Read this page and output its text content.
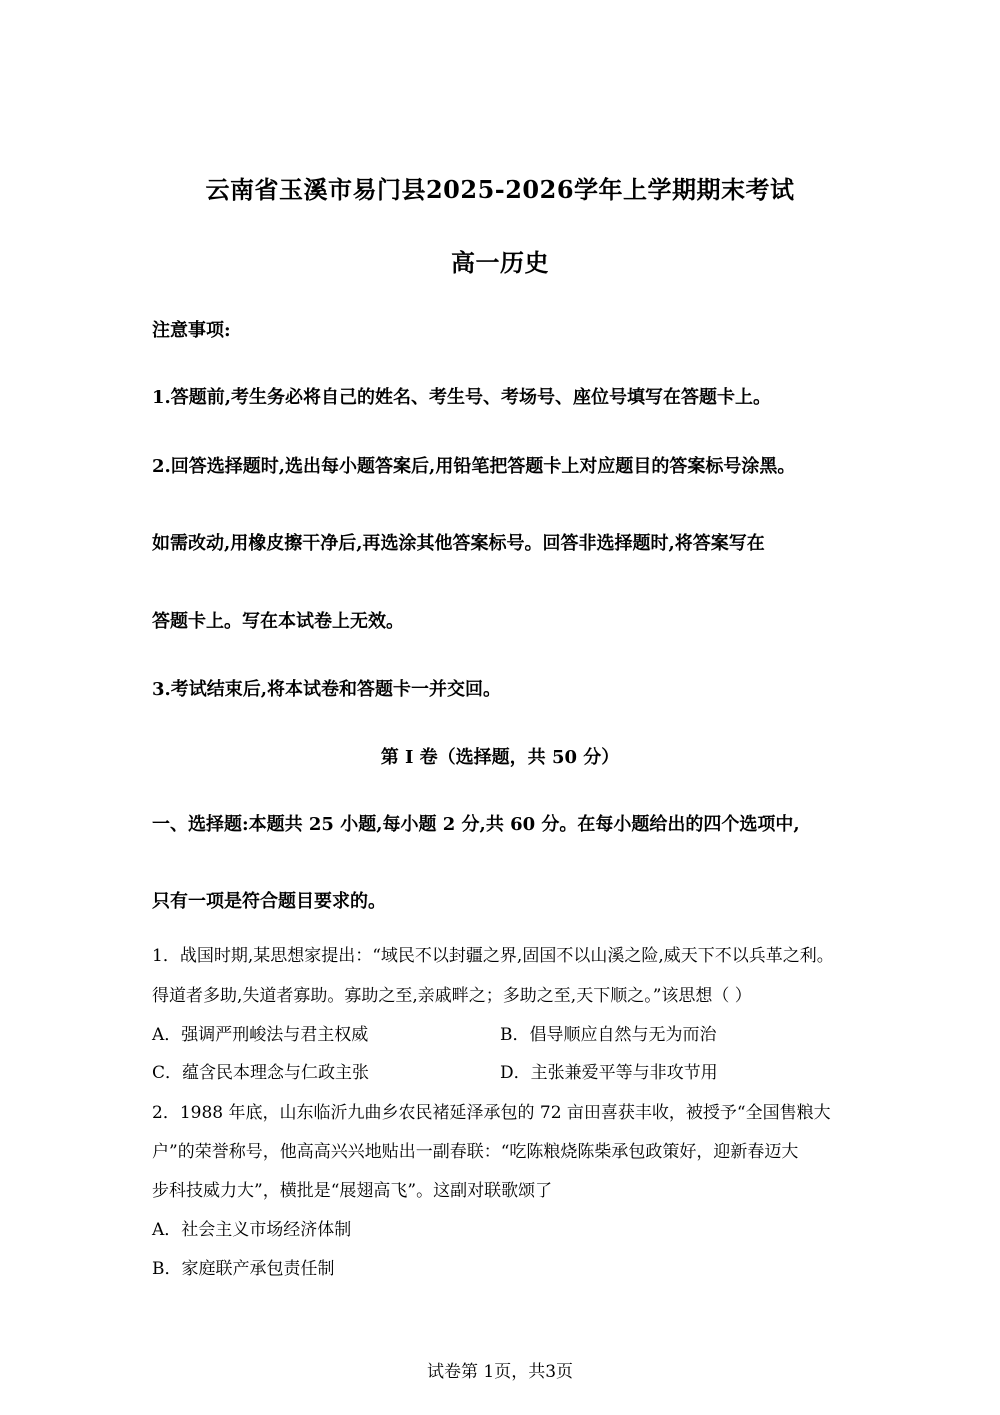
云南省玉溪市易门县2025-2026学年上学期期末考试
高一历史
注意事项:
1.答题前,考生务必将自己的姓名、考生号、考场号、座位号填写在答题卡上。
2.回答选择题时,选出每小题答案后,用铅笔把答题卡上对应题目的答案标号涂黑。
如需改动,用橡皮擦干净后,再选涂其他答案标号。回答非选择题时,将答案写在
答题卡上。写在本试卷上无效。
3.考试结束后,将本试卷和答题卡一并交回。
第 I 卷（选择题，共 50 分）
一、选择题:本题共 25 小题,每小题 2 分,共 60 分。在每小题给出的四个选项中,
只有一项是符合题目要求的。
1．战国时期,某思想家提出：“域民不以封疆之界,固国不以山溪之险,威天下不以兵革之利。
得道者多助,失道者寡助。寡助之至,亲戚畔之；多助之至,天下顺之。”该思想（ ）
A．强调严刑峻法与君主权威	B．倡导顺应自然与无为而治
C．蕴含民本理念与仁政主张	D．主张兼爱平等与非攻节用
2．1988 年底，山东临沂九曲乡农民褚延泽承包的 72 亩田喜获丰收，被授予“全国售粮大
户”的荣誉称号，他高高兴兴地贴出一副春联：“吃陈粮烧陈柴承包政策好，迎新春迈大
步科技威力大”，横批是“展翅高飞”。这副对联歌颂了
A．社会主义市场经济体制
B．家庭联产承包责任制
试卷第 1页，共3页
